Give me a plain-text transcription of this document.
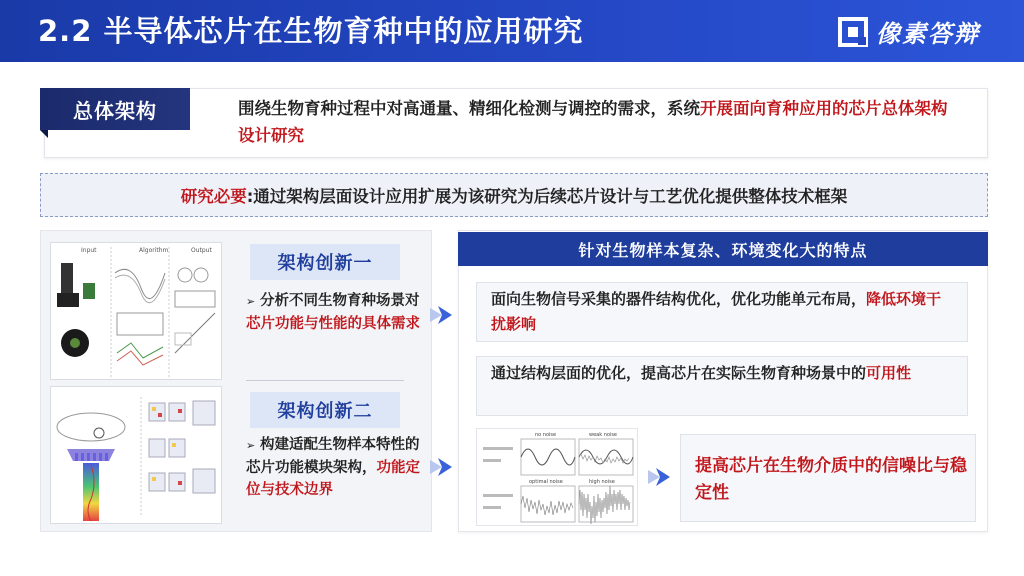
2.2 半导体芯片在生物育种中的应用研究	像素答辩
总体架构	围绕生物育种过程中对高通量、精细化检测与调控的需求，系统开展面向育种应用的芯片总体架构设计研究
研究必要 :通过架构层面设计应用扩展为该研究为后续芯片设计与工艺优化提供整体技术框架
Input	Algorithm	Output
架构创新一
➢ 分析不同生物育种场景对芯片功能与性能的具体需求
架构创新二
➢ 构建适配生物样本特性的芯片功能模块架构，功能定位与技术边界
针对生物样本复杂、环境变化大的特点
面向生物信号采集的器件结构优化，优化功能单元布局，降低环境干扰影响
通过结构层面的优化，提高芯片在实际生物育种场景中的可用性
no noise	weak noise
optimal noise	high noise
提高芯片在生物介质中的信噪比与稳定性
